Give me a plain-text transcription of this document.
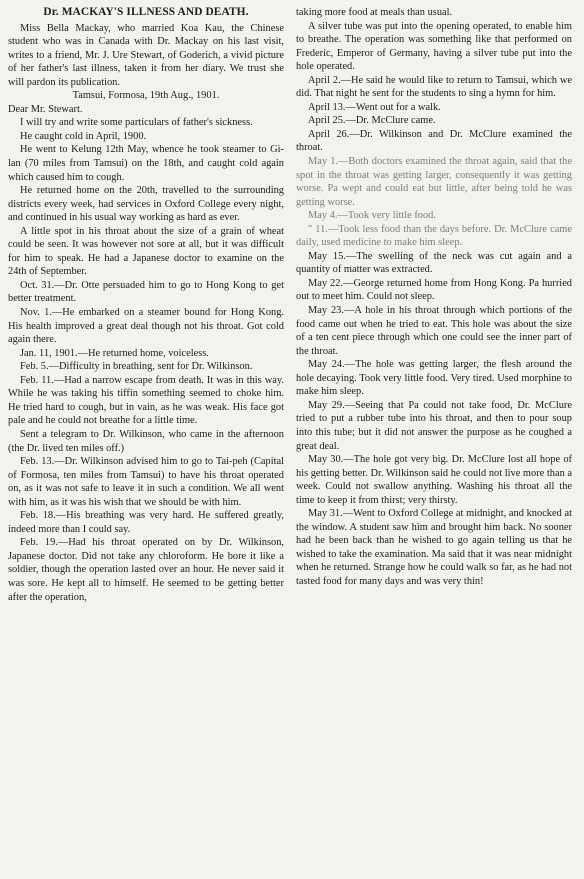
Dr. MACKAY'S ILLNESS AND DEATH.

Miss Bella Mackay, who married Koa Kau, the Chinese student who was in Canada with Dr. Mackay on his last visit, writes to a friend, Mr. J. Ure Stewart, of Goderich, a vivid picture of her father's last illness, taken it from her diary. We trust she will pardon its publication.

Tamsui, Formosa, 19th Aug., 1901.

Dear Mr. Stewart.

I will try and write some particulars of father's sickness.

He caught cold in April, 1900.

He went to Kelung 12th May, whence he took steamer to Gi-lan (70 miles from Tamsui) on the 18th, and caught cold again which caused him to cough.

He returned home on the 20th, travelled to the surrounding districts every week, had services in Oxford College every night, and continued in his usual way working as hard as ever.

A little spot in his throat about the size of a grain of wheat could be seen. It was however not sore at all, but it was difficult for him to speak. He had a Japanese doctor to examine on the 24th of September.

Oct. 31.—Dr. Otte persuaded him to go to Hong Kong to get better treatment.

Nov. 1.—He embarked on a steamer bound for Hong Kong. His health improved a great deal though not his throat. Got cold again there.

Jan. 11, 1901.—He returned home, voiceless.

Feb. 5.—Difficulty in breathing, sent for Dr. Wilkinson.

Feb. 11.—Had a narrow escape from death. It was in this way. While he was taking his tiffin something seemed to choke him. He tried hard to cough, but in vain, as he was weak. His face got pale and he could not breathe for a little time.

Sent a telegram to Dr. Wilkinson, who came in the afternoon (the Dr. lived ten miles off.)

Feb. 13.—Dr. Wilkinson advised him to go to Tai-peh (Capital of Formosa, ten miles from Tamsui) to have his throat operated on, as it was not safe to leave it in such a condition. We all went with him, as it was his wish that we should be with him.

Feb. 18.—His breathing was very hard. He suffered greatly, indeed more than I could say.

Feb. 19.—Had his throat operated on by Dr. Wilkinson, Japanese doctor. Did not take any chloroform. He bore it like a soldier, though the operation lasted over an hour. He never said it was sore. He kept all to himself. He seemed to be getting better after the operation,

taking more food at meals than usual.

A silver tube was put into the opening operated, to enable him to breathe. The operation was something like that performed on Frederic, Emperor of Germany, having a silver tube put into the hole operated.

April 2.—He said he would like to return to Tamsui, which we did. That night he sent for the students to sing a hymn for him.

April 13.—Went out for a walk.

April 25.—Dr. McClure came.

April 26.—Dr. Wilkinson and Dr. McClure examined the throat.

May 1.—Both doctors examined the throat again, said that the spot in the throat was getting larger, consequently it was getting worse. Pa wept and could eat but little, after being told he was getting worse.

May 4.—Took very little food.

" 11.—Took less food than the days before. Dr. McClure came daily, used medicine to make him sleep.

May 15.—The swelling of the neck was cut again and a quantity of matter was extracted.

May 22.—George returned home from Hong Kong. Pa hurried out to meet him. Could not sleep.

May 23.—A hole in his throat through which portions of the food came out when he tried to eat. This hole was about the size of a ten cent piece through which one could see the inner part of the throat.

May 24.—The hole was getting larger, the flesh around the hole decaying. Took very little food. Very tired. Used morphine to make him sleep.

May 29.—Seeing that Pa could not take food, Dr. McClure tried to put a rubber tube into his throat, and then to pour soup into this tube; but it did not answer the purpose as he coughed a great deal.

May 30.—The hole got very big. Dr. McClure lost all hope of his getting better. Dr. Wilkinson said he could not live more than a week. Could not swallow anything. Washing his throat all the time to keep it from thirst; very thirsty.

May 31.—Went to Oxford College at midnight, and knocked at the window. A student saw him and brought him back. No sooner had he been back than he wished to go again telling us that he wished to take the examination. Ma said that it was near midnight when he returned. Strange how he could walk so far, as he had not tasted food for many days and was very thin!
